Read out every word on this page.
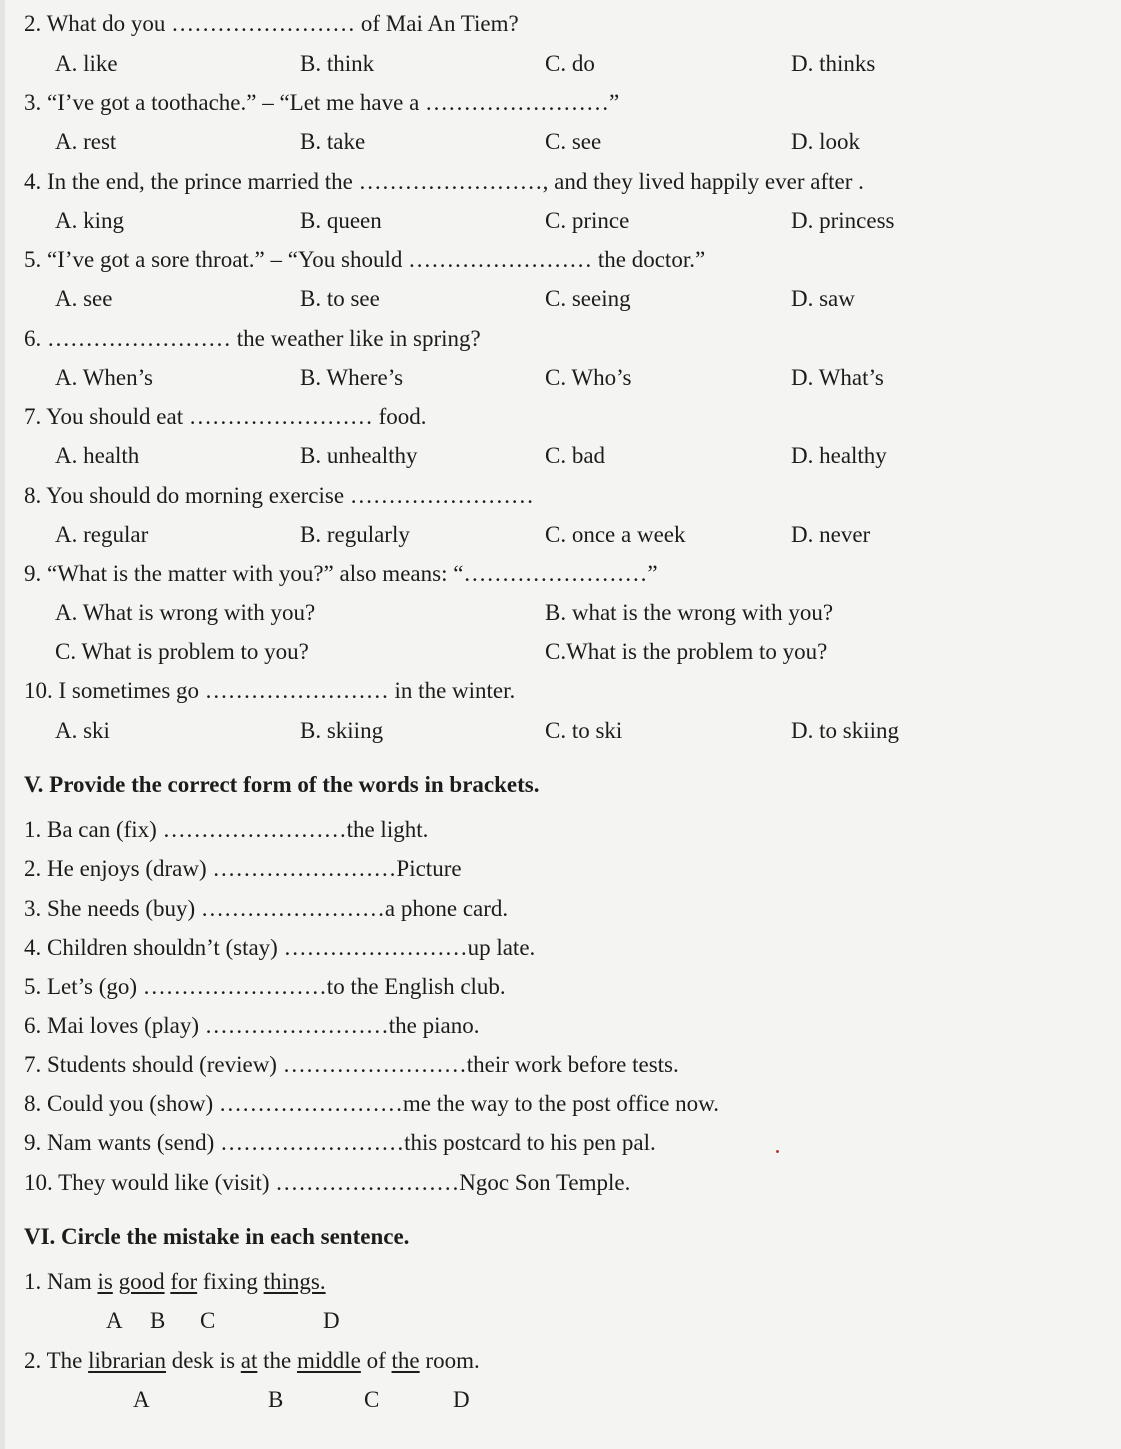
2. What do you …………………… of Mai An Tiem?
A. like	B. think	C. do	D. thinks
3. “I’ve got a toothache.” – “Let me have a ……………………”
A. rest	B. take	C. see	D. look
4. In the end, the prince married the ……………………, and they lived happily ever after .
A. king	B. queen	C. prince	D. princess
5. “I’ve got a sore throat.” – “You should …………………… the doctor.”
A. see	B. to see	C. seeing	D. saw
6. …………………… the weather like in spring?
A. When’s	B. Where’s	C. Who’s	D. What’s
7. You should eat …………………… food.
A. health	B. unhealthy	C. bad	D. healthy
8. You should do morning exercise ……………………
A. regular	B. regularly	C. once a week	D. never
9. “What is the matter with you?” also means: “……………………”
A. What is wrong with you?	B. what is the wrong with you?
C. What is problem to you?	C.What is the problem to you?
10. I sometimes go …………………… in the winter.
A. ski	B. skiing	C. to ski	D. to skiing
V. Provide the correct form of the words in brackets.
1. Ba can (fix) ……………………the light.
2. He enjoys (draw) ……………………Picture
3. She needs (buy) ……………………a phone card.
4. Children shouldn’t (stay) ……………………up late.
5. Let’s (go) ……………………to the English club.
6. Mai loves (play) ……………………the piano.
7. Students should (review) ……………………their work before tests.
8. Could you (show) ……………………me the way to the post office now.
9. Nam wants (send) ……………………this postcard to his pen pal.
10. They would like (visit) ……………………Ngoc Son Temple.
VI. Circle the mistake in each sentence.
1. Nam is good for fixing things.
A B C	D
2. The librarian desk is at the middle of the room.
A	B	C	D
